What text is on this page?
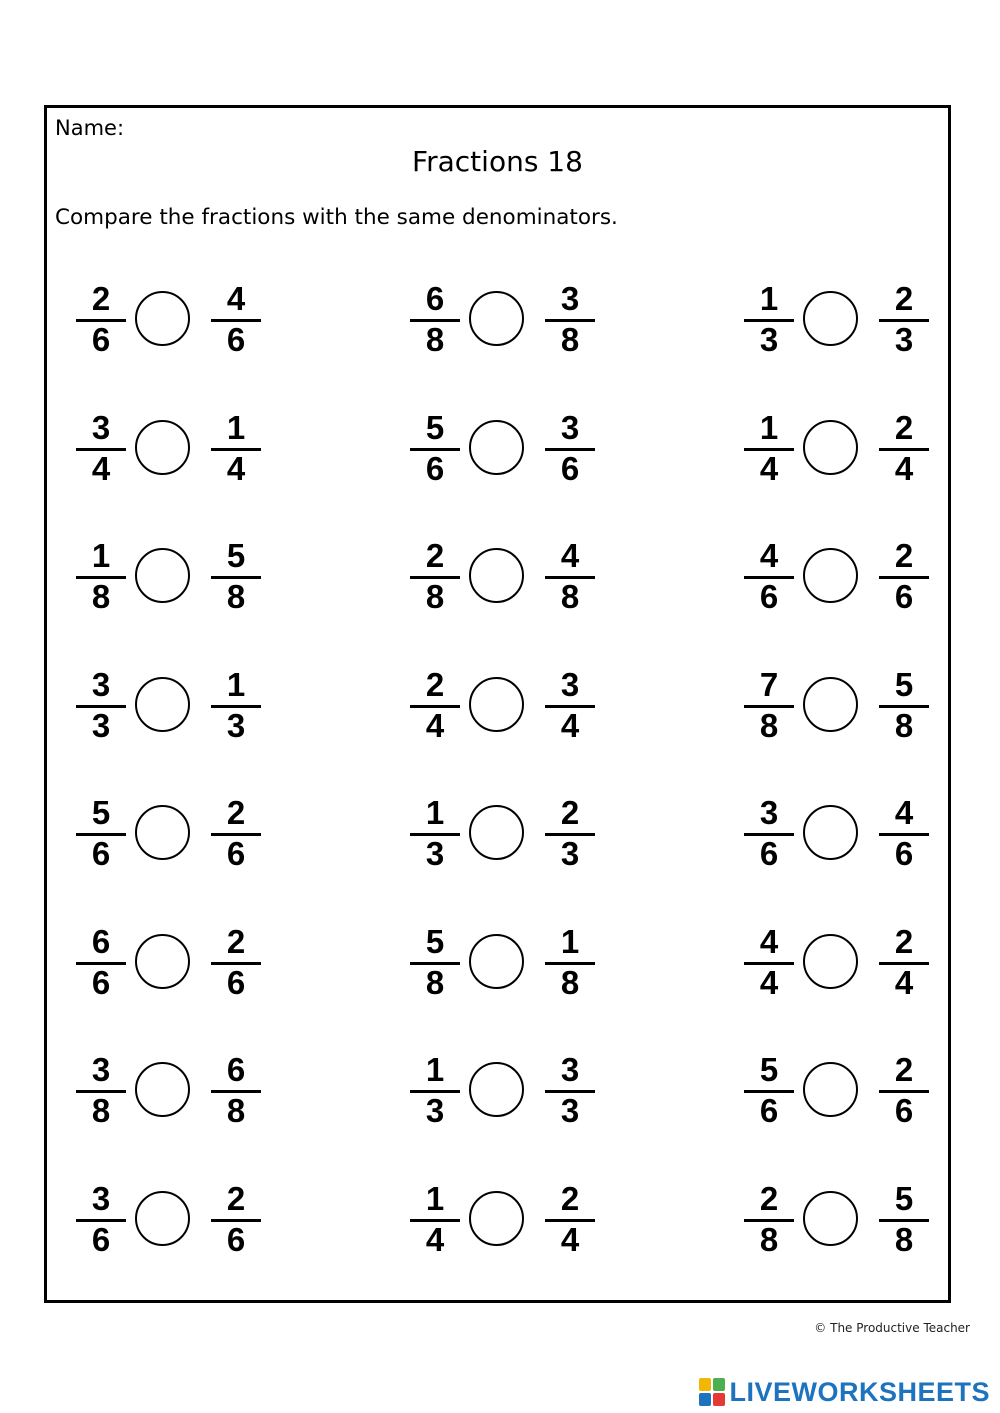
Name:
Fractions 18
Compare the fractions with the same denominators.
2
6
4
6
6
8
3
8
1
3
2
3
3
4
1
4
5
6
3
6
1
4
2
4
1
8
5
8
2
8
4
8
4
6
2
6
3
3
1
3
2
4
3
4
7
8
5
8
5
6
2
6
1
3
2
3
3
6
4
6
6
6
2
6
5
8
1
8
4
4
2
4
3
8
6
8
1
3
3
3
5
6
2
6
3
6
2
6
1
4
2
4
2
8
5
8
© The Productive Teacher
LIVEWORKSHEETS
